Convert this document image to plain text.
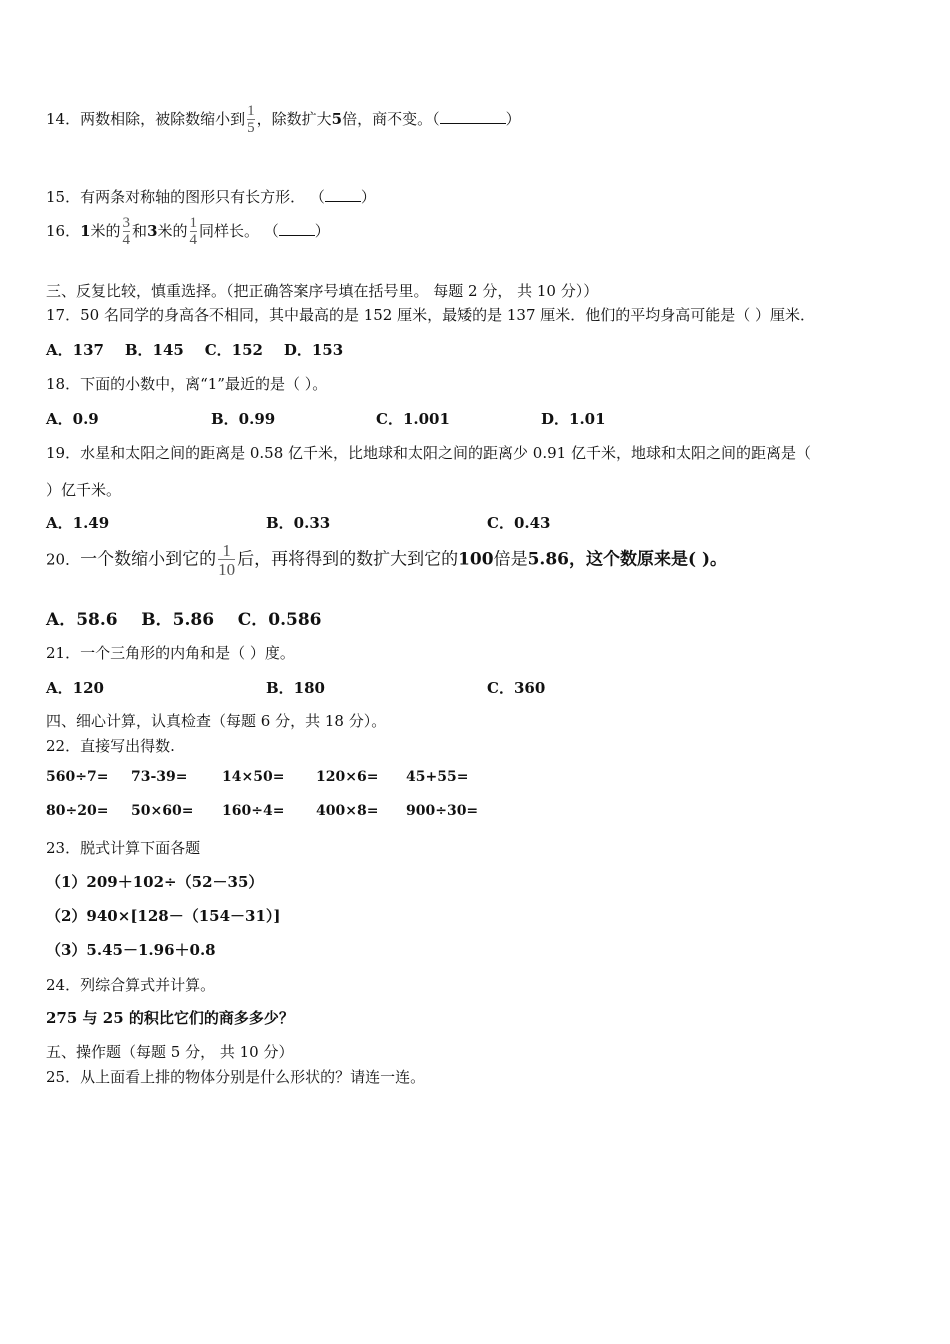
14．两数相除，被除数缩小到 $\frac{1}{5}$ ，除数扩大5倍，商不变。（	）
15．有两条对称轴的图形只有长方形． （ ）
16．1米的 $\frac{3}{4}$ 和3米的 $\frac{1}{4}$ 同样长。 （ ）
三、反复比较，慎重选择。（把正确答案序号填在括号里。 每题 2 分， 共 10 分））
17．50 名同学的身高各不相同，其中最高的是 152 厘米，最矮的是 137 厘米．他们的平均身高可能是（ ）厘米．
A．137    B．145    C．152    D．153
18．下面的小数中，离“1”最近的是（ ）。
A．0.9	B．0.99	C．1.001	D．1.01
19．水星和太阳之间的距离是 0.58 亿千米，比地球和太阳之间的距离少 0.91 亿千米，地球和太阳之间的距离是（
）亿千米。
A．1.49	B．0.33	C．0.43
20．一个数缩小到它的 $\frac{1}{10}$ 后，再将得到的数扩大到它的100倍是5.86，这个数原来是( )。
A．58.6    B．5.86    C．0.586
21．一个三角形的内角和是（ ）度。
A．120	B．180	C．360
四、细心计算，认真检查（每题 6 分，共 18 分）。
22．直接写出得数.
560÷7= 73-39= 14×50= 120×6= 45+55=
80÷20= 50×60= 160÷4= 400×8= 900÷30=
23．脱式计算下面各题
（1）209＋102÷（52－35）
（2）940×[128－（154－31）]
（3）5.45－1.96＋0.8
24．列综合算式并计算。
275 与 25 的积比它们的商多多少？
五、操作题（每题 5 分， 共 10 分）
25．从上面看上排的物体分别是什么形状的？请连一连。
